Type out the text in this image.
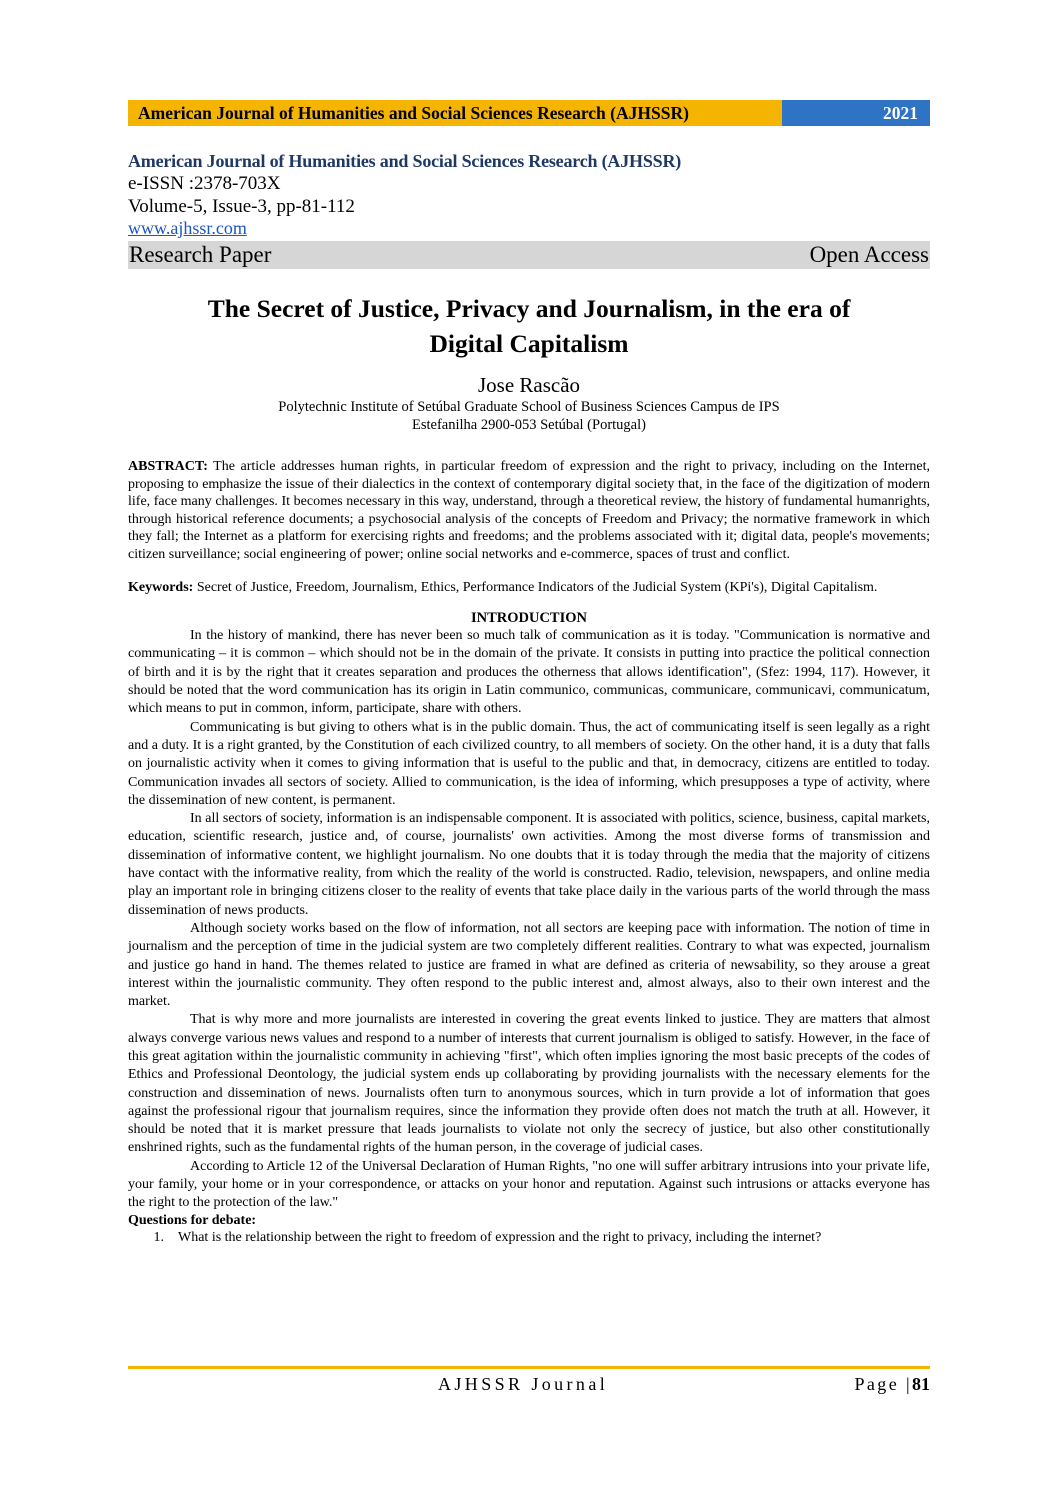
American Journal of Humanities and Social Sciences Research (AJHSSR)	2021
American Journal of Humanities and Social Sciences Research (AJHSSR)
e-ISSN :2378-703X
Volume-5, Issue-3, pp-81-112
www.ajhssr.com
Research Paper	Open Access
The Secret of Justice, Privacy and Journalism, in the era of
Digital Capitalism
Jose Rascão
Polytechnic Institute of Setúbal Graduate School of Business Sciences Campus de IPS
Estefanilha 2900-053 Setúbal (Portugal)
ABSTRACT: The article addresses human rights, in particular freedom of expression and the right to privacy, including on the Internet, proposing to emphasize the issue of their dialectics in the context of contemporary digital society that, in the face of the digitization of modern life, face many challenges. It becomes necessary in this way, understand, through a theoretical review, the history of fundamental humanrights, through historical reference documents; a psychosocial analysis of the concepts of Freedom and Privacy; the normative framework in which they fall; the Internet as a platform for exercising rights and freedoms; and the problems associated with it; digital data, people's movements; citizen surveillance; social engineering of power; online social networks and e-commerce, spaces of trust and conflict.
Keywords: Secret of Justice, Freedom, Journalism, Ethics, Performance Indicators of the Judicial System (KPi's), Digital Capitalism.
INTRODUCTION

In the history of mankind, there has never been so much talk of communication as it is today. "Communication is normative and communicating – it is common – which should not be in the domain of the private. It consists in putting into practice the political connection of birth and it is by the right that it creates separation and produces the otherness that allows identification", (Sfez: 1994, 117). However, it should be noted that the word communication has its origin in Latin communico, communicas, communicare, communicavi, communicatum, which means to put in common, inform, participate, share with others.

Communicating is but giving to others what is in the public domain. Thus, the act of communicating itself is seen legally as a right and a duty. It is a right granted, by the Constitution of each civilized country, to all members of society. On the other hand, it is a duty that falls on journalistic activity when it comes to giving information that is useful to the public and that, in democracy, citizens are entitled to today. Communication invades all sectors of society. Allied to communication, is the idea of informing, which presupposes a type of activity, where the dissemination of new content, is permanent.

In all sectors of society, information is an indispensable component. It is associated with politics, science, business, capital markets, education, scientific research, justice and, of course, journalists' own activities. Among the most diverse forms of transmission and dissemination of informative content, we highlight journalism. No one doubts that it is today through the media that the majority of citizens have contact with the informative reality, from which the reality of the world is constructed. Radio, television, newspapers, and online media play an important role in bringing citizens closer to the reality of events that take place daily in the various parts of the world through the mass dissemination of news products.

Although society works based on the flow of information, not all sectors are keeping pace with information. The notion of time in journalism and the perception of time in the judicial system are two completely different realities. Contrary to what was expected, journalism and justice go hand in hand. The themes related to justice are framed in what are defined as criteria of newsability, so they arouse a great interest within the journalistic community. They often respond to the public interest and, almost always, also to their own interest and the market.

That is why more and more journalists are interested in covering the great events linked to justice. They are matters that almost always converge various news values and respond to a number of interests that current journalism is obliged to satisfy. However, in the face of this great agitation within the journalistic community in achieving "first", which often implies ignoring the most basic precepts of the codes of Ethics and Professional Deontology, the judicial system ends up collaborating by providing journalists with the necessary elements for the construction and dissemination of news. Journalists often turn to anonymous sources, which in turn provide a lot of information that goes against the professional rigour that journalism requires, since the information they provide often does not match the truth at all. However, it should be noted that it is market pressure that leads journalists to violate not only the secrecy of justice, but also other constitutionally enshrined rights, such as the fundamental rights of the human person, in the coverage of judicial cases.

According to Article 12 of the Universal Declaration of Human Rights, "no one will suffer arbitrary intrusions into your private life, your family, your home or in your correspondence, or attacks on your honor and reputation. Against such intrusions or attacks everyone has the right to the protection of the law."

Questions for debate:
1.	What is the relationship between the right to freedom of expression and the right to privacy, including the internet?
AJHSSR Journal	Page |81
